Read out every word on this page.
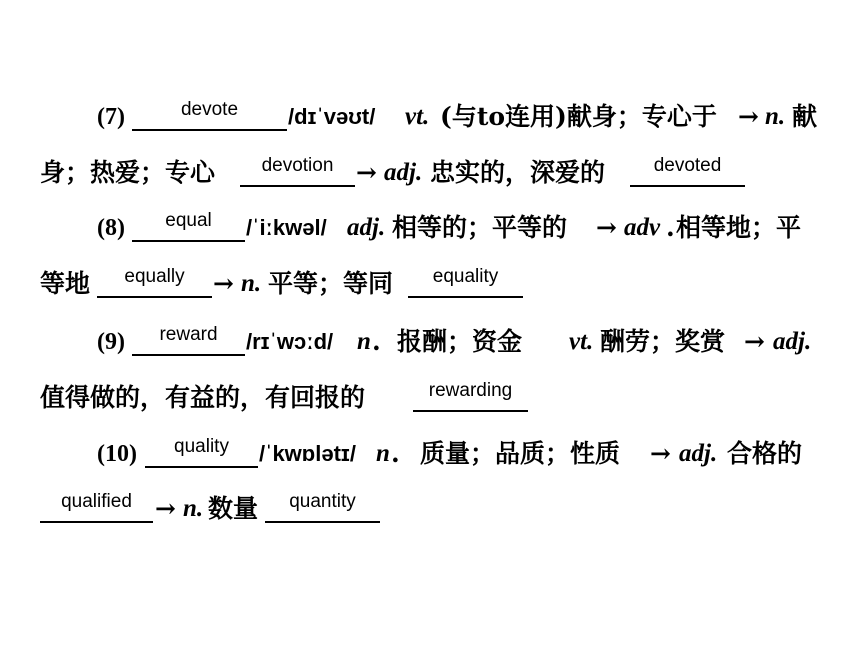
(7)	devote	/dɪˈvəʊt/ vt. (与to连用)献身；专心于 → n. 献
身；热爱；专心	devotion → adj. 忠实的，深爱的	devoted
(8)	equal	/ˈiːkwəl/ adj. 相等的；平等的 → adv . 相等地；平
等地	equally	→ n. 平等；等同	equality
(9)	reward	/rɪˈwɔːd/ n . 报酬；资金 vt. 酬劳；奖赏 → adj.
值得做的，有益的，有回报的	rewarding
(10)	quality	/ˈkwɒlətɪ/ n . 质量；品质；性质 → adj. 合格的
qualified → n. 数量	quantity
